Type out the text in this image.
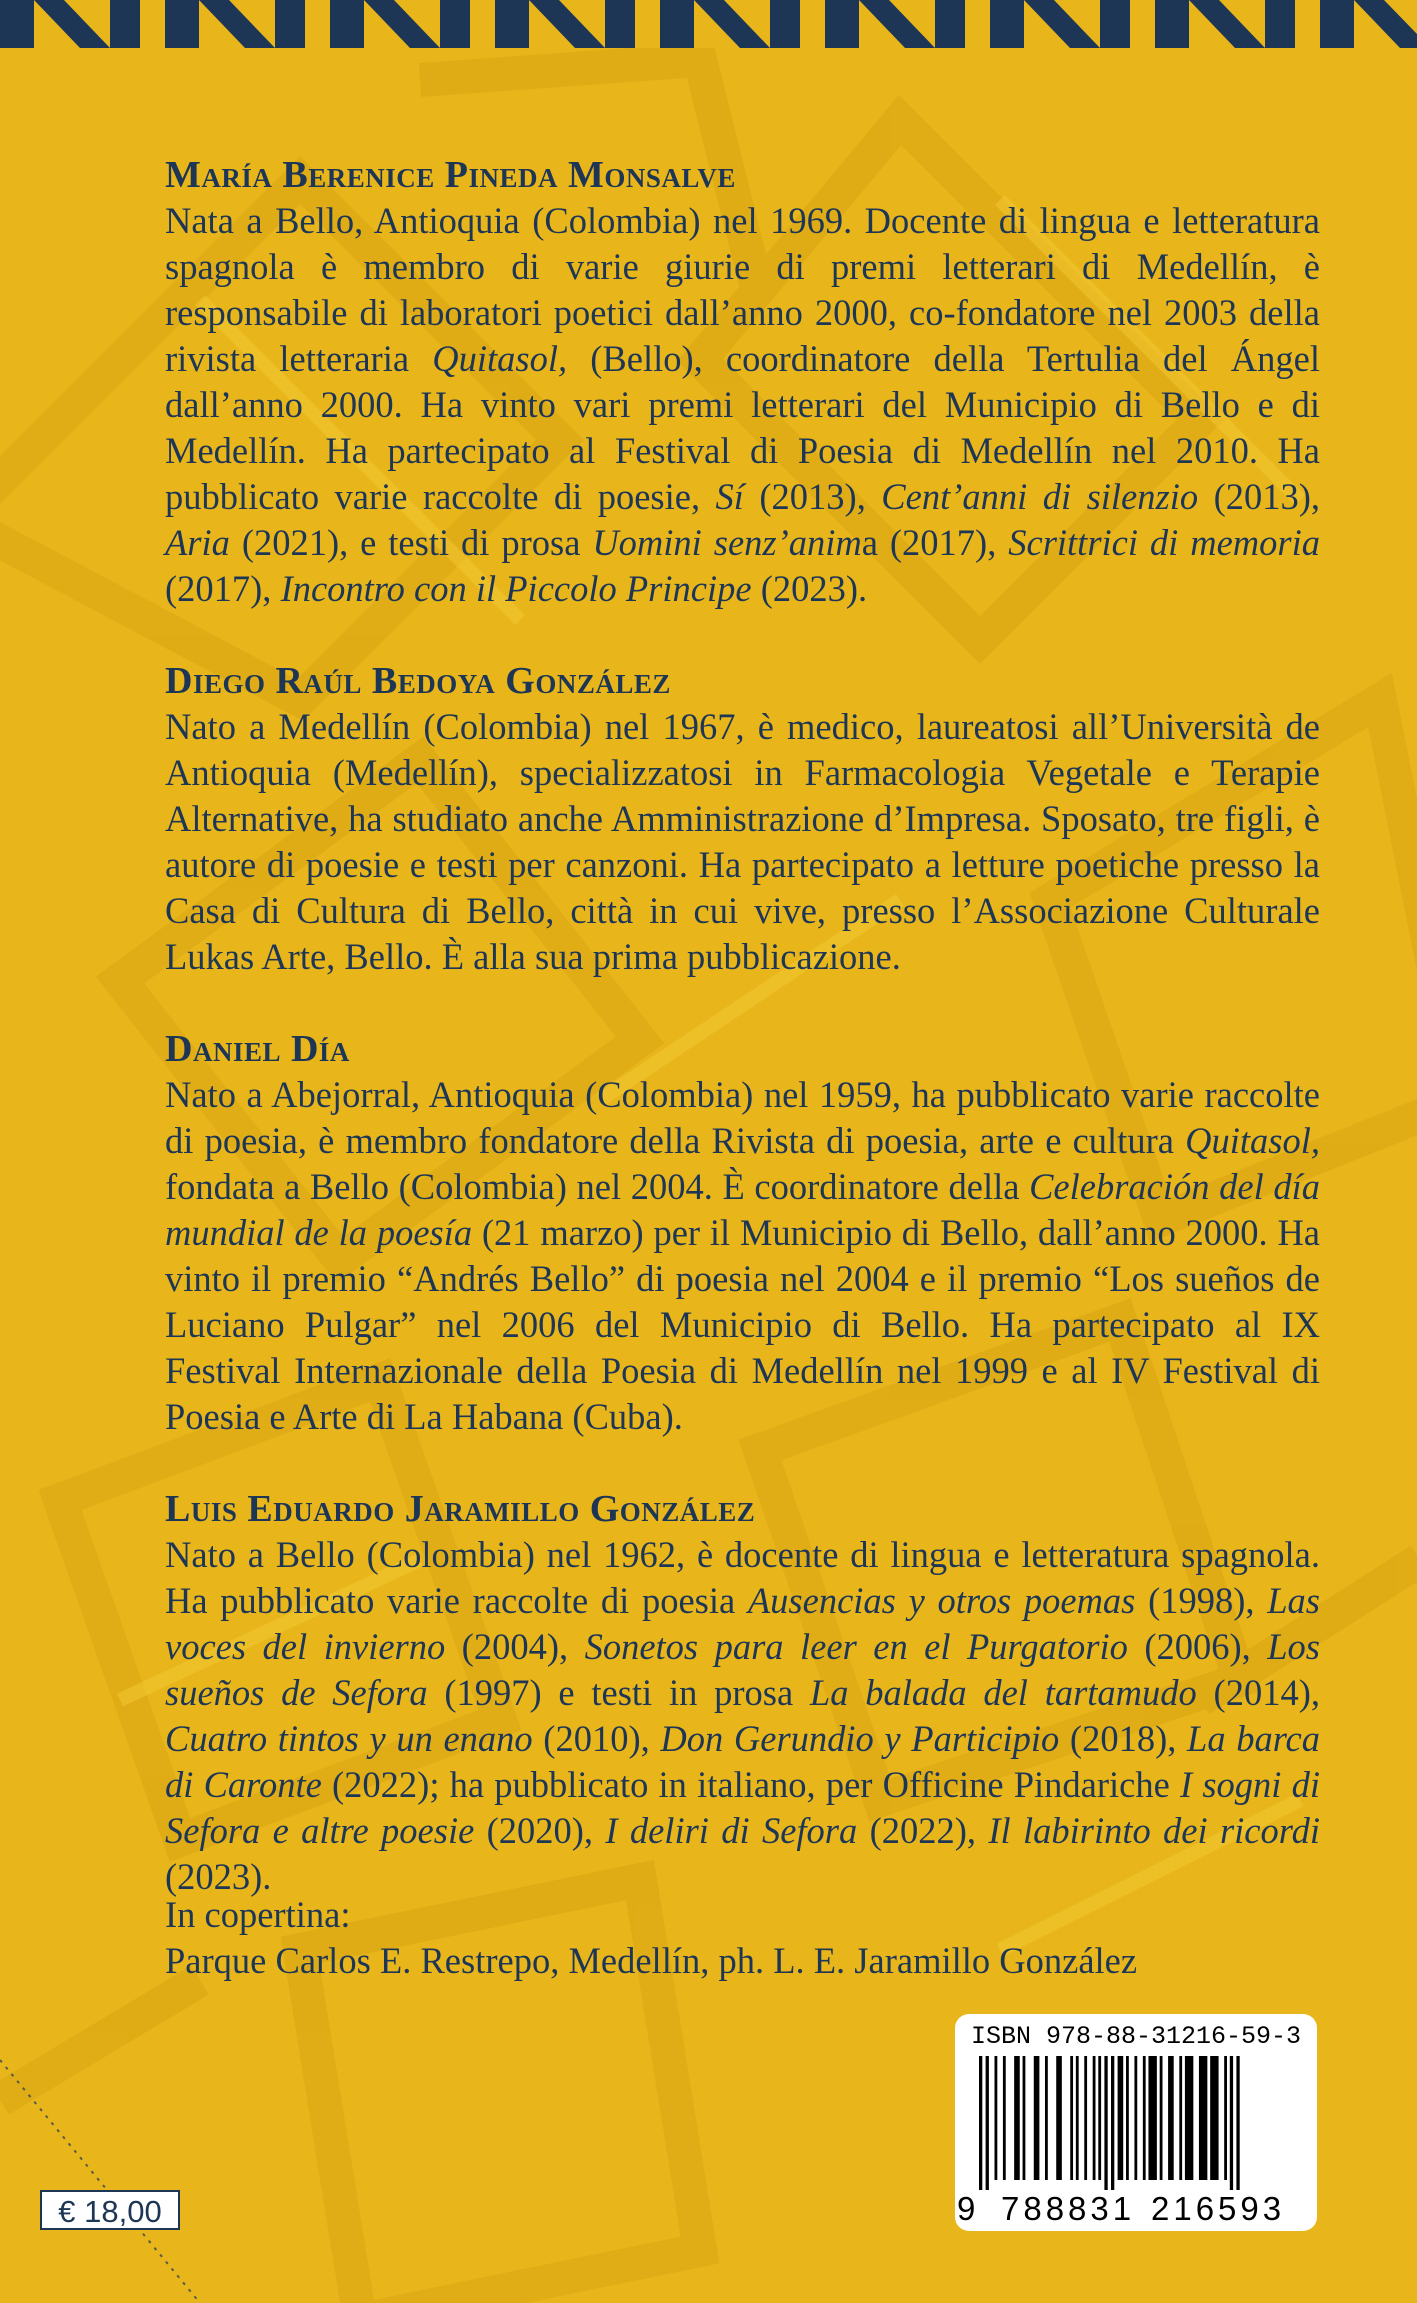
María Berenice Pineda Monsalve

Nata a Bello, Antioquia (Colombia) nel 1969. Docente di lingua e letteratura spagnola è membro di varie giurie di premi letterari di Medellín, è responsabile di laboratori poetici dall’anno 2000, co-fondatore nel 2003 della rivista letteraria Quitasol, (Bello), coordinatore della Tertulia del Ángel dall’anno 2000. Ha vinto vari premi letterari del Municipio di Bello e di Medellín. Ha partecipato al Festival di Poesia di Medellín nel 2010. Ha pubblicato varie raccolte di poesie, Sí (2013), Cent’anni di silenzio (2013), Aria (2021), e testi di prosa Uomini senz’anima (2017), Scrittrici di memoria (2017), Incontro con il Piccolo Principe (2023).

Diego Raúl Bedoya González

Nato a Medellín (Colombia) nel 1967, è medico, laureatosi all’Università de Antioquia (Medellín), specializzatosi in Farmacologia Vegetale e Terapie Alternative, ha studiato anche Amministrazione d’Impresa. Sposato, tre figli, è autore di poesie e testi per canzoni. Ha partecipato a letture poetiche presso la Casa di Cultura di Bello, città in cui vive, presso l’Associazione Culturale Lukas Arte, Bello. È alla sua prima pubblicazione.

Daniel Día

Nato a Abejorral, Antioquia (Colombia) nel 1959, ha pubblicato varie raccolte di poesia, è membro fondatore della Rivista di poesia, arte e cultura Quitasol, fondata a Bello (Colombia) nel 2004. È coordinatore della Celebración del día mundial de la poesía (21 marzo) per il Municipio di Bello, dall’anno 2000. Ha vinto il premio “Andrés Bello” di poesia nel 2004 e il premio “Los sueños de Luciano Pulgar” nel 2006 del Municipio di Bello. Ha partecipato al IX Festival Internazionale della Poesia di Medellín nel 1999 e al IV Festival di Poesia e Arte di La Habana (Cuba).

Luis Eduardo Jaramillo González

Nato a Bello (Colombia) nel 1962, è docente di lingua e letteratura spagnola. Ha pubblicato varie raccolte di poesia Ausencias y otros poemas (1998), Las voces del invierno (2004), Sonetos para leer en el Purgatorio (2006), Los sueños de Sefora (1997) e testi in prosa La balada del tartamudo (2014), Cuatro tintos y un enano (2010), Don Gerundio y Participio (2018), La barca di Caronte (2022); ha pubblicato in italiano, per Officine Pindariche I sogni di Sefora e altre poesie (2020), I deliri di Sefora (2022), Il labirinto dei ricordi (2023).

In copertina:
Parque Carlos E. Restrepo, Medellín, ph. L. E. Jaramillo González
€ 18,00
ISBN 978-88-31216-59-3
9 788831 216593
